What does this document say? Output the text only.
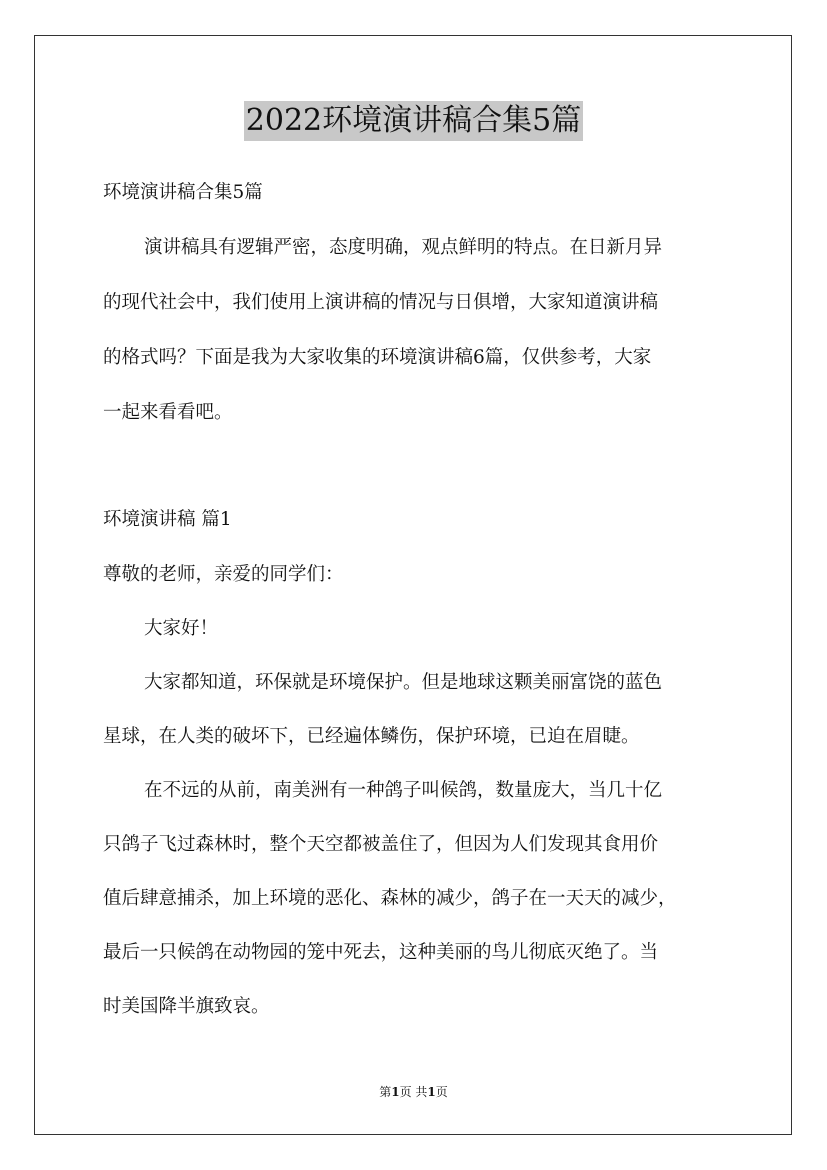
2022环境演讲稿合集5篇
环境演讲稿合集5篇
演讲稿具有逻辑严密，态度明确，观点鲜明的特点。在日新月异
的现代社会中，我们使用上演讲稿的情况与日俱增，大家知道演讲稿
的格式吗？下面是我为大家收集的环境演讲稿6篇，仅供参考，大家
一起来看看吧。
环境演讲稿 篇1
尊敬的老师，亲爱的同学们：
大家好！
大家都知道，环保就是环境保护。但是地球这颗美丽富饶的蓝色
星球，在人类的破坏下，已经遍体鳞伤，保护环境，已迫在眉睫。
在不远的从前，南美洲有一种鸽子叫候鸽，数量庞大，当几十亿
只鸽子飞过森林时，整个天空都被盖住了，但因为人们发现其食用价
值后肆意捕杀，加上环境的恶化、森林的减少，鸽子在一天天的减少，
最后一只候鸽在动物园的笼中死去，这种美丽的鸟儿彻底灭绝了。当
时美国降半旗致哀。
第1页 共1页
